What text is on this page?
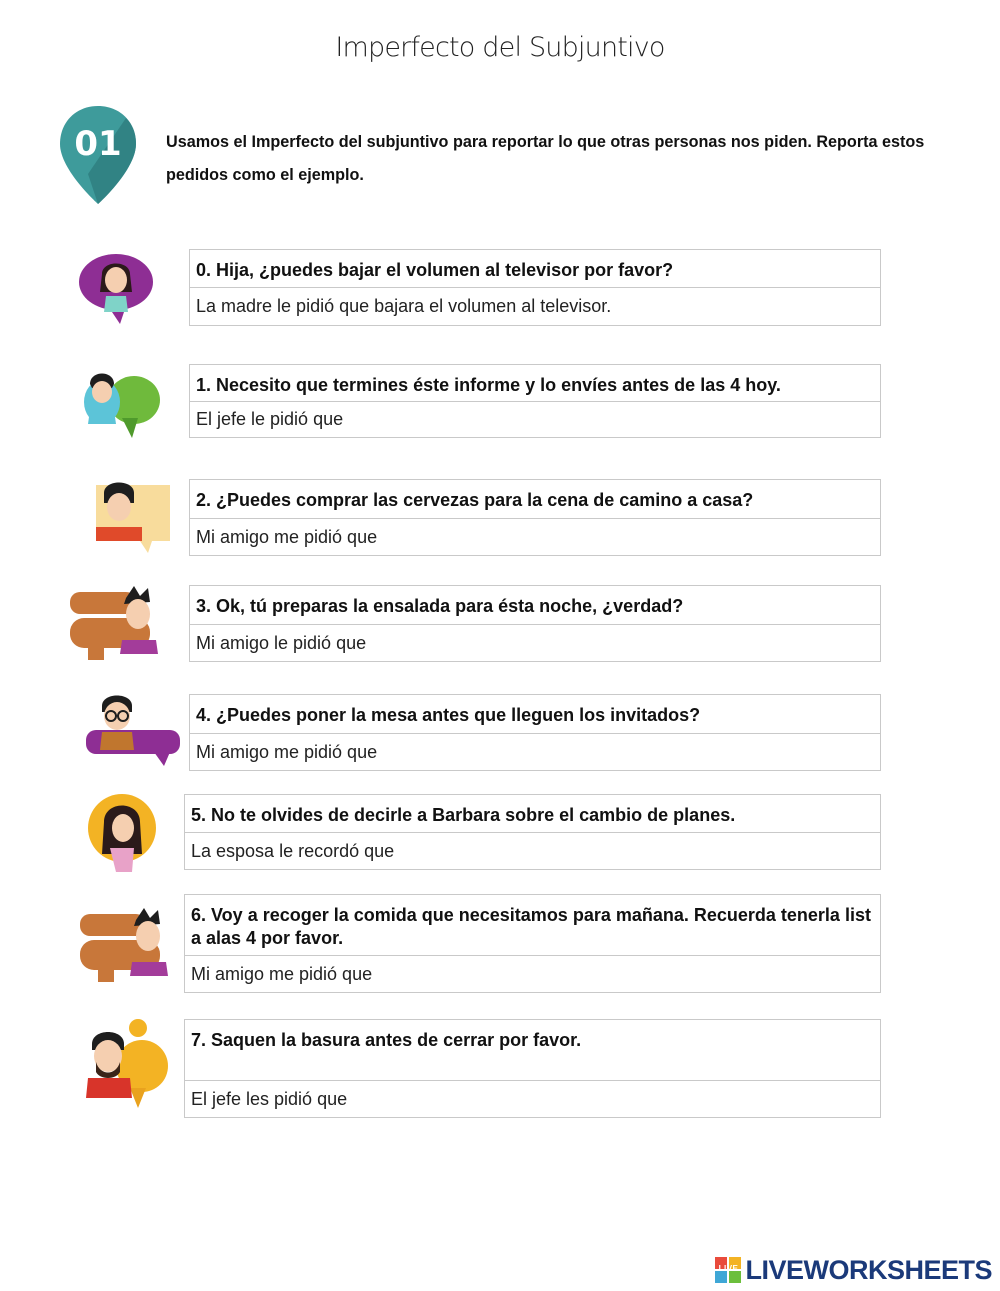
Imperfecto del Subjuntivo
01	Usamos el Imperfecto del subjuntivo para reportar lo que otras personas nos piden. Reporta estos pedidos como el ejemplo.
0. Hija, ¿puedes bajar el volumen al televisor por favor?
La madre le pidió que bajara el volumen al televisor.
1. Necesito que termines éste informe y lo envíes antes de las 4 hoy.
El jefe le pidió que
2. ¿Puedes comprar las cervezas para la cena de camino a casa?
Mi amigo me pidió que
3. Ok, tú preparas la ensalada para ésta noche, ¿verdad?
Mi amigo le pidió que
4. ¿Puedes poner la mesa antes que lleguen los invitados?
Mi amigo me pidió que
5. No te olvides de decirle a Barbara sobre el cambio de planes.
La esposa le recordó que
6. Voy a recoger la comida que necesitamos para mañana. Recuerda tenerla list a alas 4 por favor.
Mi amigo me pidió que
7. Saquen la basura antes de cerrar por favor.
El jefe les pidió que
LIVE LIVEWORKSHEETS
